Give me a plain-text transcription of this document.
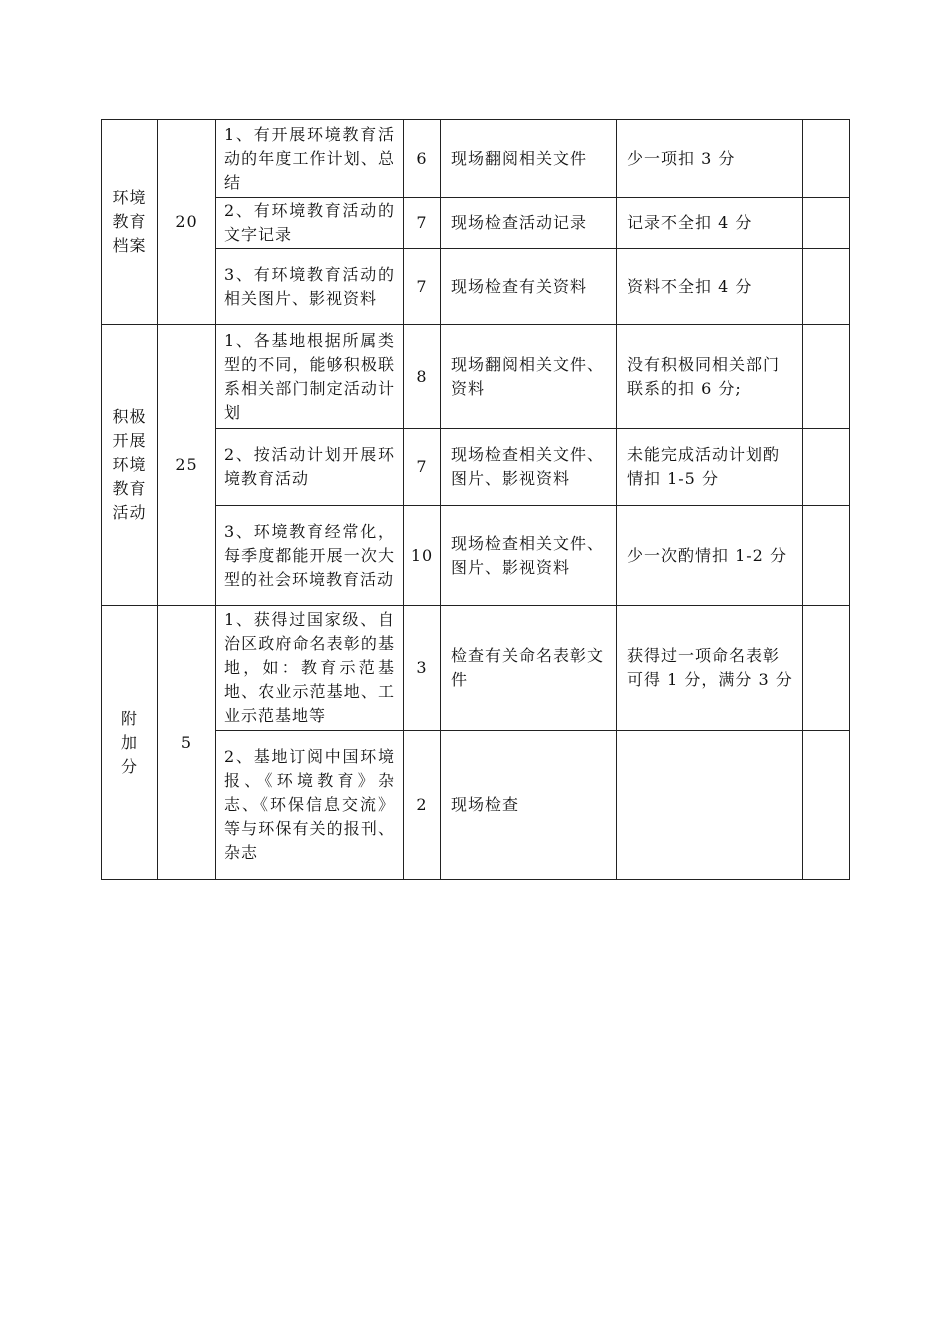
环境
教育
档案	20	1、有开展环境教育活动的年度工作计划、总结	6	现场翻阅相关文件	少一项扣 3 分	
		2、有环境教育活动的文字记录	7	现场检查活动记录	记录不全扣 4 分	
		3、有环境教育活动的相关图片、影视资料	7	现场检查有关资料	资料不全扣 4 分	

积极
开展
环境
教育
活动	25	1、各基地根据所属类型的不同，能够积极联系相关部门制定活动计划	8	现场翻阅相关文件、资料	没有积极同相关部门联系的扣 6 分;	
		2、按活动计划开展环境教育活动	7	现场检查相关文件、图片、影视资料	未能完成活动计划酌情扣 1-5 分	
		3、环境教育经常化，每季度都能开展一次大型的社会环境教育活动	10	现场检查相关文件、图片、影视资料	少一次酌情扣 1-2 分	

附
加
分	5	1、获得过国家级、自治区政府命名表彰的基地，如：教育示范基地、农业示范基地、工业示范基地等	3	检查有关命名表彰文件	获得过一项命名表彰可得 1 分，满分 3 分	
		2、基地订阅中国环境报、《环境教育》杂志、《环保信息交流》等与环保有关的报刊、杂志	2	现场检查		
